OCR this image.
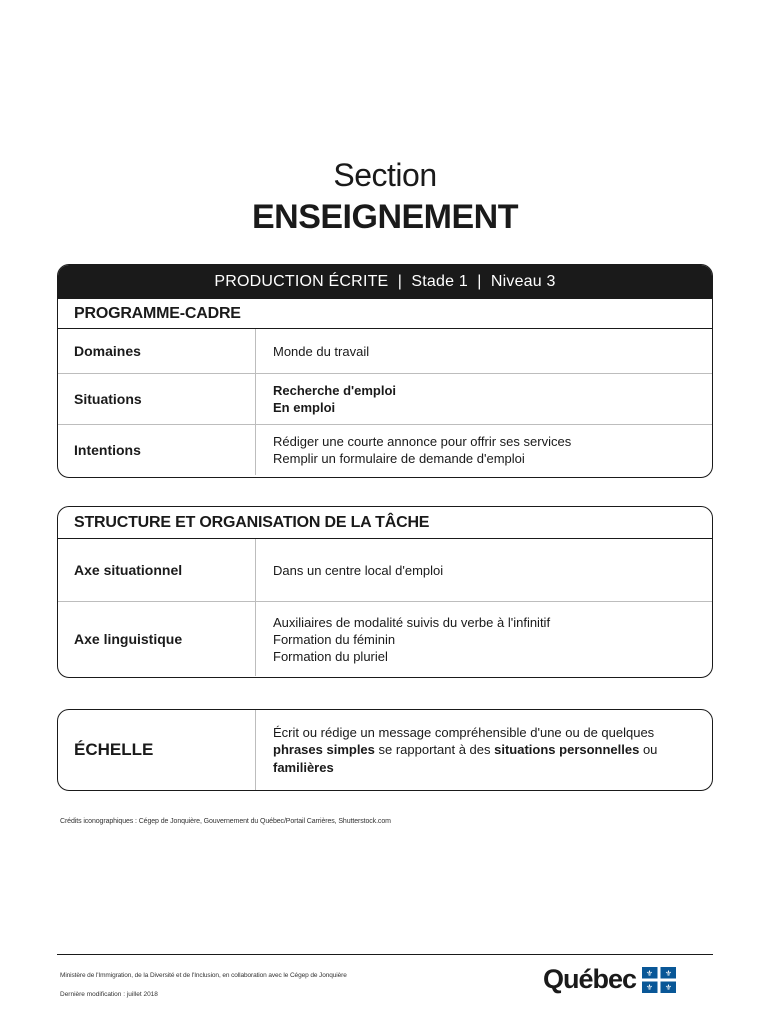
Section
ENSEIGNEMENT
PRODUCTION ÉCRITE  |  Stade 1  |  Niveau 3
PROGRAMME-CADRE
Domaines	Monde du travail
Situations
Recherche d'emploi
En emploi
Intentions
Rédiger une courte annonce pour offrir ses services
Remplir un formulaire de demande d'emploi
STRUCTURE ET ORGANISATION DE LA TÂCHE
Axe situationnel	Dans un centre local d'emploi
Axe linguistique
Auxiliaires de modalité suivis du verbe à l'infinitif
Formation du féminin
Formation du pluriel
ÉCHELLE
Écrit ou rédige un message compréhensible d'une ou de quelques
phrases simples se rapportant à des situations personnelles ou
familières
Crédits iconographiques : Cégep de Jonquière, Gouvernement du Québec/Portail Carrières, Shutterstock.com
Ministère de l'Immigration, de la Diversité et de l'Inclusion, en collaboration avec le Cégep de Jonquière
Dernière modification : juillet 2018
Québec ⚜ ⚜
⚜ ⚜
